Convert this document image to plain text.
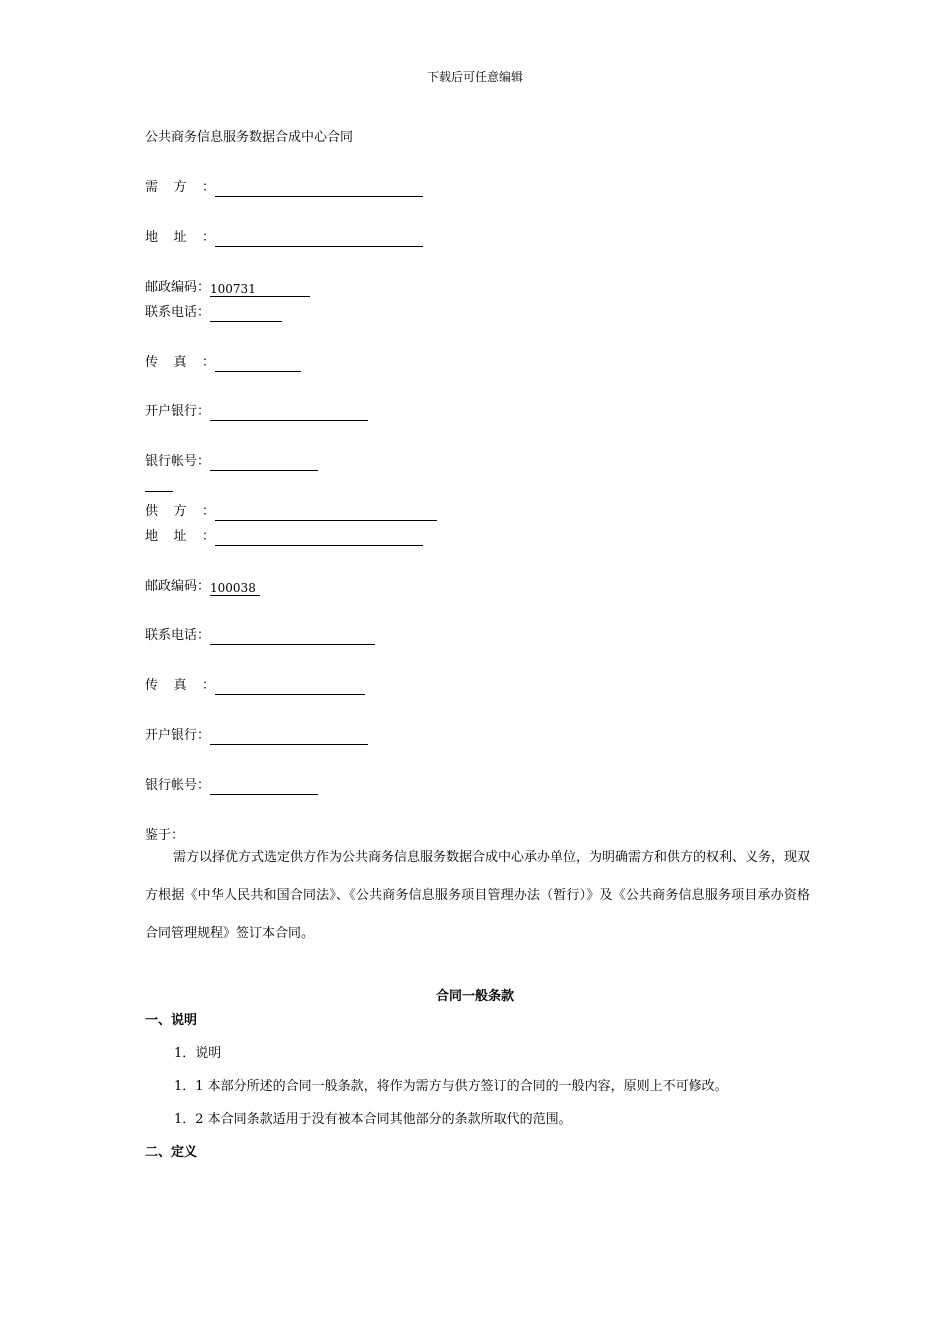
下载后可任意编辑
公共商务信息服务数据合成中心合同
需方：
地址：
邮政编码：100731
联系电话：
传真：
开户银行：
银行帐号：
供方：
地址：
邮政编码：100038
联系电话：
传真：
开户银行：
银行帐号：
鉴于：
需方以择优方式选定供方作为公共商务信息服务数据合成中心承办单位，为明确需方和供方的权利、义务，现双方根据《中华人民共和国合同法》、《公共商务信息服务项目管理办法（暂行）》及《公共商务信息服务项目承办资格合同管理规程》签订本合同。
合同一般条款
一、说明
1．说明
1．1 本部分所述的合同一般条款，将作为需方与供方签订的合同的一般内容，原则上不可修改。
1．2 本合同条款适用于没有被本合同其他部分的条款所取代的范围。
二、定义
